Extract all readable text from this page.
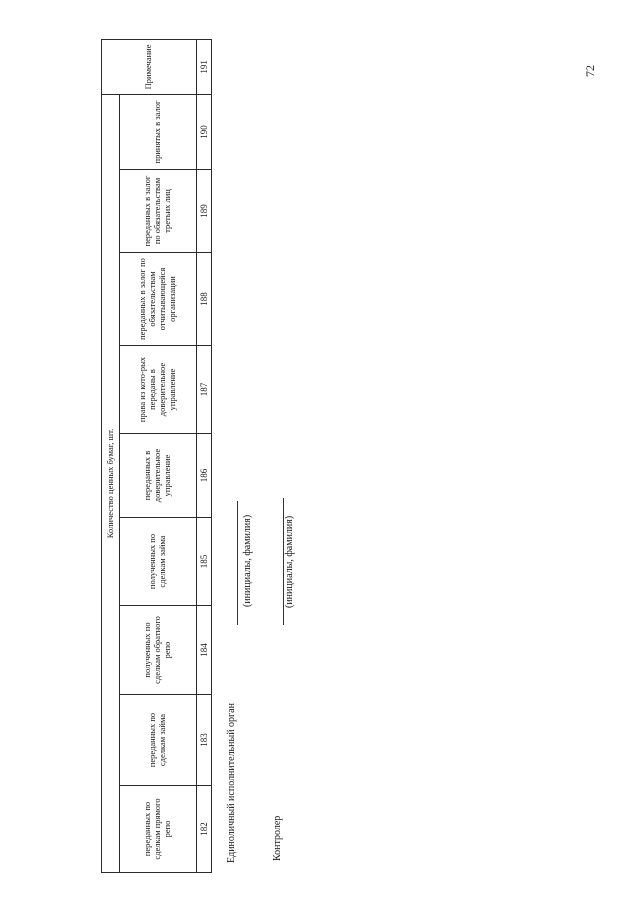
72
Количество ценных бумаг, шт.									Примечание
переданных по сделкам прямого репо	переданных по сделкам займа	полученных по сделкам обратного репо	полученных по сделкам займа	переданных в доверительное управление	права из кото-рых переданы в доверительное управление	переданных в залог по обязательствам отчитывающейся организации	переданных в залог по обязательствам третьих лиц	принятых в залог	
182	183	184	185	186	187	188	189	190	191
Единоличный исполнительный орган
(инициалы, фамилия)
Контролер
(инициалы, фамилия)
